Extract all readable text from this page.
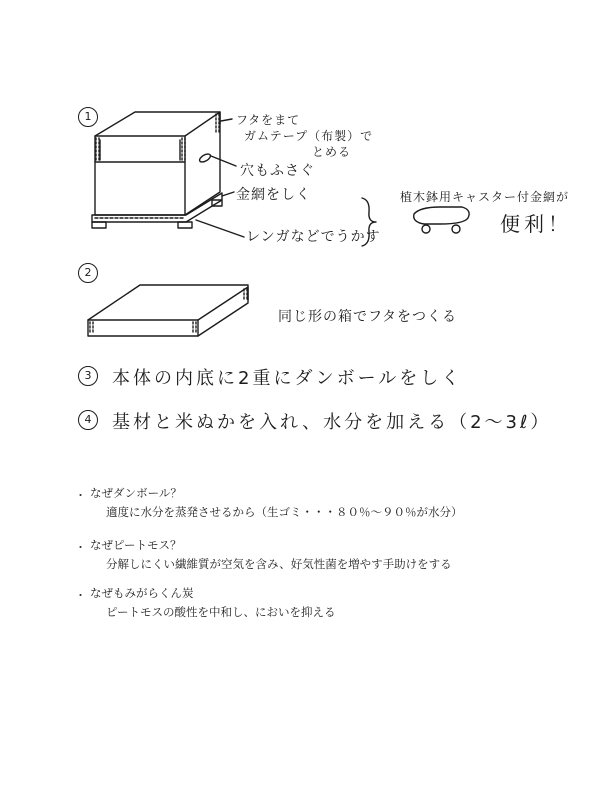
1
2
3
4
フタをまて
ガムテープ（布製）で
とめる
穴もふさぐ
金網をしく
レンガなどでうかす
植木鉢用キャスター付金網が
便利！
同じ形の箱でフタをつくる
本体の内底に2重にダンボールをしく
基材と米ぬかを入れ、水分を加える（2〜3ℓ）
・ なぜダンボール？
適度に水分を蒸発させるから（生ゴミ・・・８０％〜９０％が水分）
・ なぜピートモス？
分解しにくい繊維質が空気を含み、好気性菌を増やす手助けをする
・ なぜもみがらくん炭
ピートモスの酸性を中和し、においを抑える
